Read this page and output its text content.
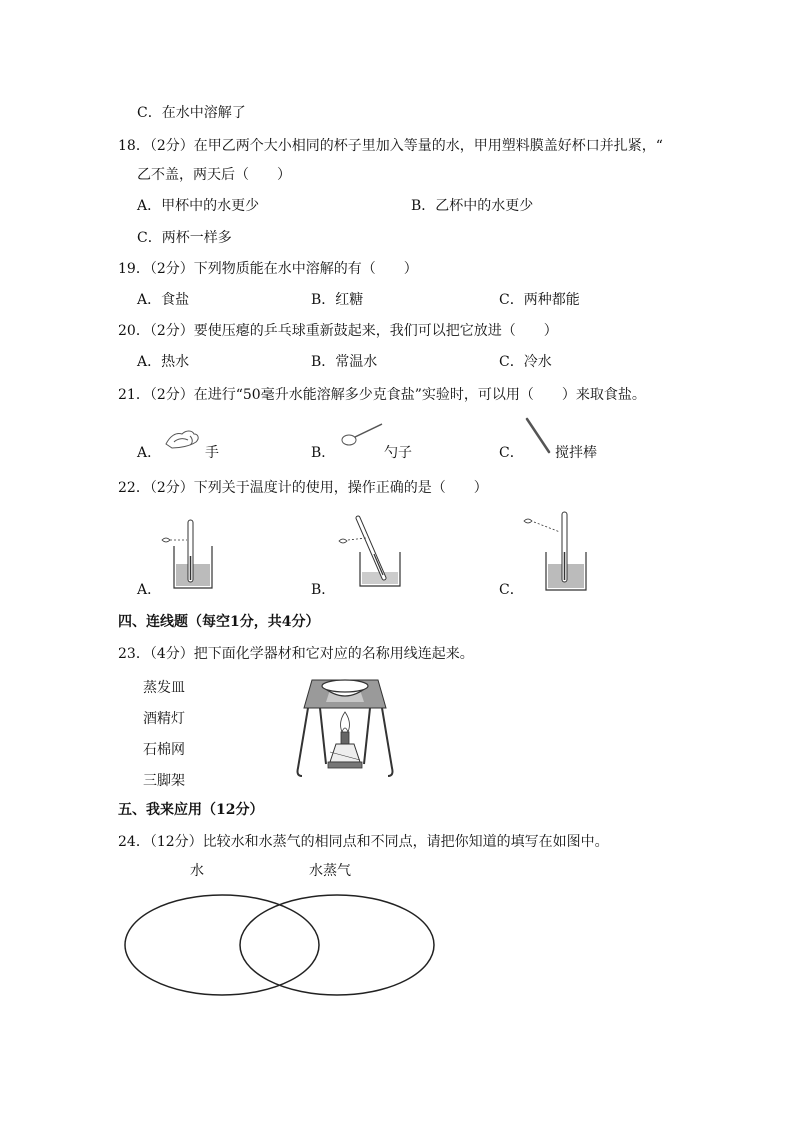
C．在水中溶解了
18．（2分）在甲乙两个大小相同的杯子里加入等量的水，甲用塑料膜盖好杯口并扎紧，“
乙不盖，两天后（　　）
A．甲杯中的水更少	B．乙杯中的水更少
C．两杯一样多
19．（2分）下列物质能在水中溶解的有（　　）
A．食盐	B．红糖	C．两种都能
20．（2分）要使压瘪的乒乓球重新鼓起来，我们可以把它放进（　　）
A．热水	B．常温水	C．冷水
21．（2分）在进行“50毫升水能溶解多少克食盐”实验时，可以用（　　）来取食盐。
A．	手	B．	勺子	C． 搅拌棒
22．（2分）下列关于温度计的使用，操作正确的是（　　）
A．	B．	C．
四、连线题（每空1分，共4分）
23．（4分）把下面化学器材和它对应的名称用线连起来。
蒸发皿
酒精灯
石棉网
三脚架
五、我来应用（12分）
24．（12分）比较水和水蒸气的相同点和不同点，请把你知道的填写在如图中。
水	水蒸气
